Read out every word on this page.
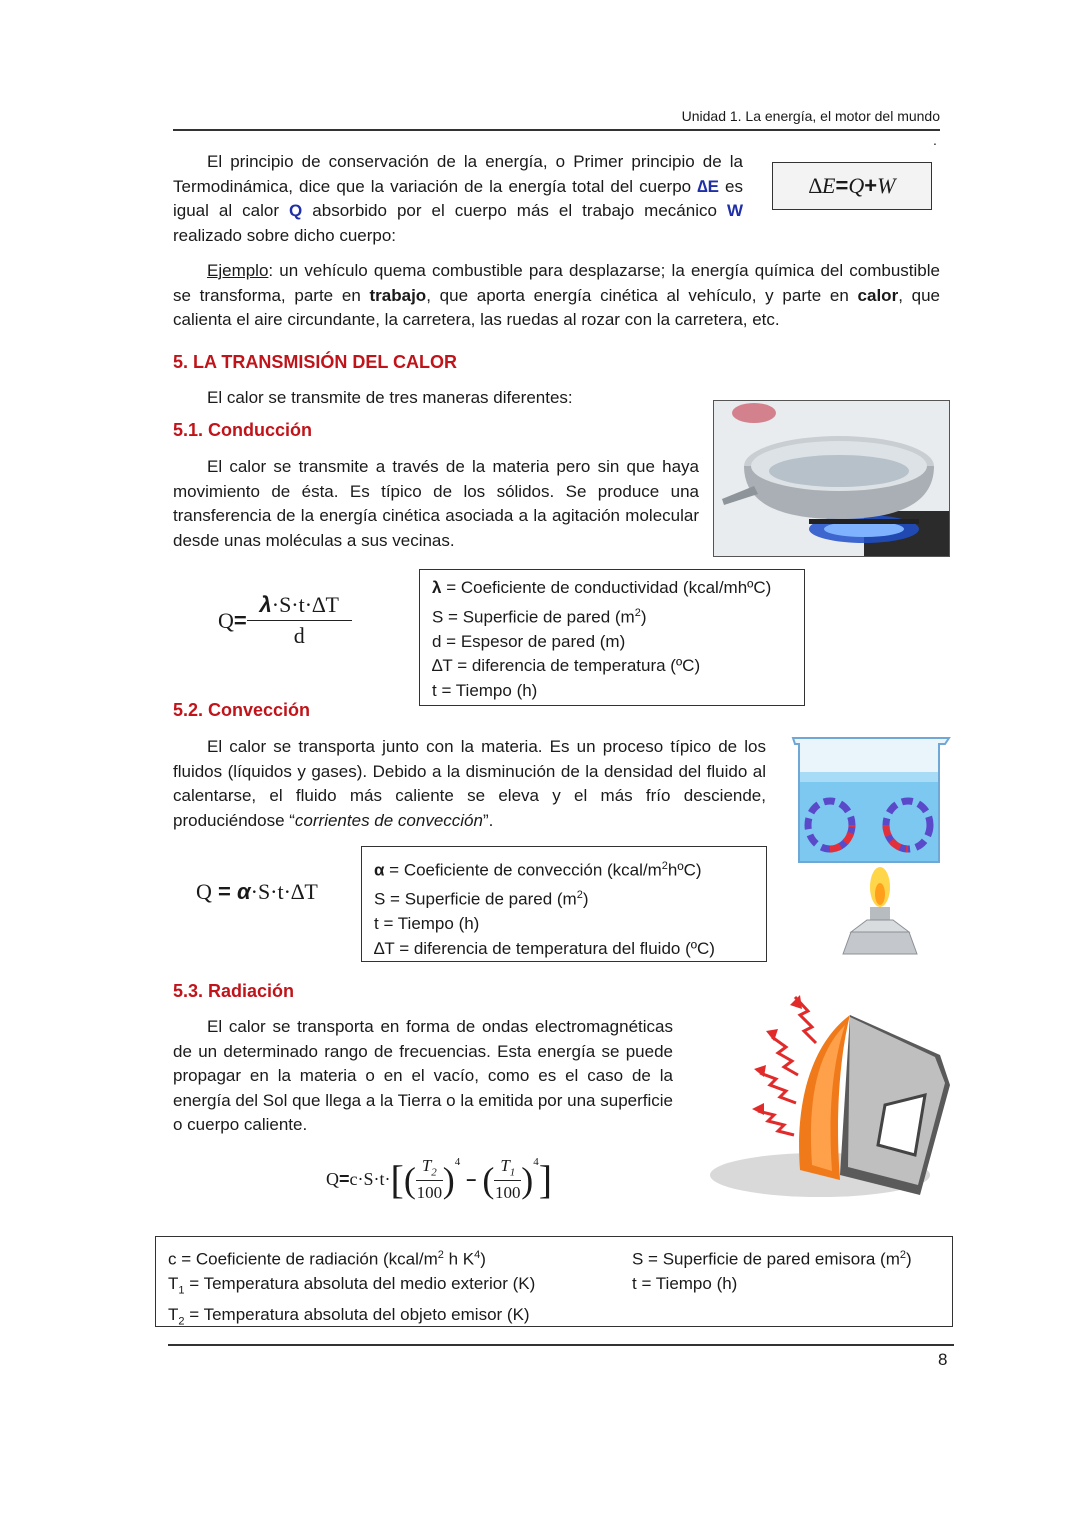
Unidad 1. La energía, el motor del mundo
.

El principio de conservación de la energía, o Primer principio de la Termodinámica, dice que la variación de la energía total del cuerpo ∆E es igual al calor Q absorbido por el cuerpo más el trabajo mecánico W realizado sobre dicho cuerpo:

∆E = Q + W

Ejemplo: un vehículo quema combustible para desplazarse; la energía química del combustible se transforma, parte en trabajo, que aporta energía cinética al vehículo, y parte en calor, que calienta el aire circundante, la carretera, las ruedas al rozar con la carretera, etc.

5. LA TRANSMISIÓN DEL CALOR
El calor se transmite de tres maneras diferentes:
5.1. Conducción

El calor se transmite a través de la materia pero sin que haya movimiento de ésta. Es típico de los sólidos. Se produce una transferencia de la energía cinética asociada a la agitación molecular desde unas moléculas a sus vecinas.

$Q = \frac{\lambda\cdot S\cdot t\cdot\Delta T}{d}$
λ = Coeficiente de conductividad (kcal/mhºC)
S = Superficie de pared $(m^2)$
d = Espesor de pared (m)
∆T = diferencia de temperatura (ºC)
t = Tiempo (h)
5.2. Convección

El calor se transporta junto con la materia. Es un proceso típico de los fluidos (líquidos y gases). Debido a la disminución de la densidad del fluido al calentarse, el fluido más caliente se eleva y el más frío desciende, produciéndose “corrientes de convección”.

Q = α·S·t·∆T
α = Coeficiente de convección $(kcal/m^2hºC)$
S = Superficie de pared $(m^2)$
t = Tiempo (h)
∆T = diferencia de temperatura del fluido (ºC)
5.3. Radiación

El calor se transporta en forma de ondas electromagnéticas de un determinado rango de frecuencias. Esta energía se puede propagar en la materia o en el vacío, como es el caso de la energía del Sol que llega a la Tierra o la emitida por una superficie o cuerpo caliente.

Q = c·S·t· [ ( $\frac{T_2}{100} )^4$
– ( $\frac{T_1}{100} )^4$ ]
c = Coeficiente de radiación ($kcal/m^2$ h $K^4$)
$T_1$ = Temperatura absoluta del medio exterior (K)
$T_2$ = Temperatura absoluta del objeto emisor (K)
S = Superficie de pared emisora $(m^2)$
t = Tiempo (h)
8
